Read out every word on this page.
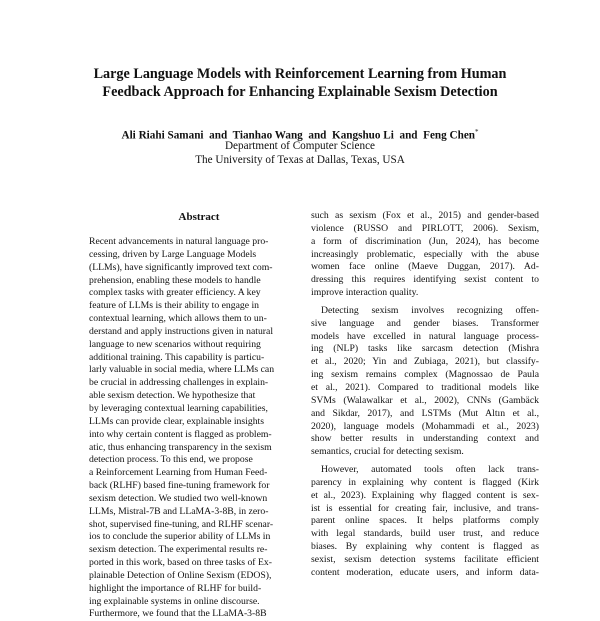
Large Language Models with Reinforcement Learning from Human
Feedback Approach for Enhancing Explainable Sexism Detection
Ali Riahi Samani and Tianhao Wang and Kangshuo Li and Feng Chen*
Department of Computer Science
The University of Texas at Dallas, Texas, USA
Abstract
Recent advancements in natural language pro-
cessing, driven by Large Language Models
(LLMs), have significantly improved text com-
prehension, enabling these models to handle
complex tasks with greater efficiency. A key
feature of LLMs is their ability to engage in
contextual learning, which allows them to un-
derstand and apply instructions given in natural
language to new scenarios without requiring
additional training. This capability is particu-
larly valuable in social media, where LLMs can
be crucial in addressing challenges in explain-
able sexism detection. We hypothesize that
by leveraging contextual learning capabilities,
LLMs can provide clear, explainable insights
into why certain content is flagged as problem-
atic, thus enhancing transparency in the sexism
detection process. To this end, we propose
a Reinforcement Learning from Human Feed-
back (RLHF) based fine-tuning framework for
sexism detection. We studied two well-known
LLMs, Mistral-7B and LLaMA-3-8B, in zero-
shot, supervised fine-tuning, and RLHF scenar-
ios to conclude the superior ability of LLMs in
sexism detection. The experimental results re-
ported in this work, based on three tasks of Ex-
plainable Detection of Online Sexism (EDOS),
highlight the importance of RLHF for build-
ing explainable systems in online discourse.
Furthermore, we found that the LLaMA-3-8B
such as sexism (Fox et al., 2015) and gender-based
violence (RUSSO and PIRLOTT, 2006). Sexism,
a form of discrimination (Jun, 2024), has become
increasingly problematic, especially with the abuse
women face online (Maeve Duggan, 2017). Ad-
dressing this requires identifying sexist content to
improve interaction quality.
Detecting sexism involves recognizing offen-
sive language and gender biases. Transformer
models have excelled in natural language process-
ing (NLP) tasks like sarcasm detection (Mishra
et al., 2020; Yin and Zubiaga, 2021), but classify-
ing sexism remains complex (Magnossao de Paula
et al., 2021). Compared to traditional models like
SVMs (Walawalkar et al., 2002), CNNs (Gambäck
and Sikdar, 2017), and LSTMs (Mut Altın et al.,
2020), language models (Mohammadi et al., 2023)
show better results in understanding context and
semantics, crucial for detecting sexism.
However, automated tools often lack trans-
parency in explaining why content is flagged (Kirk
et al., 2023). Explaining why flagged content is sex-
ist is essential for creating fair, inclusive, and trans-
parent online spaces. It helps platforms comply
with legal standards, build user trust, and reduce
biases. By explaining why content is flagged as
sexist, sexism detection systems facilitate efficient
content moderation, educate users, and inform data-
